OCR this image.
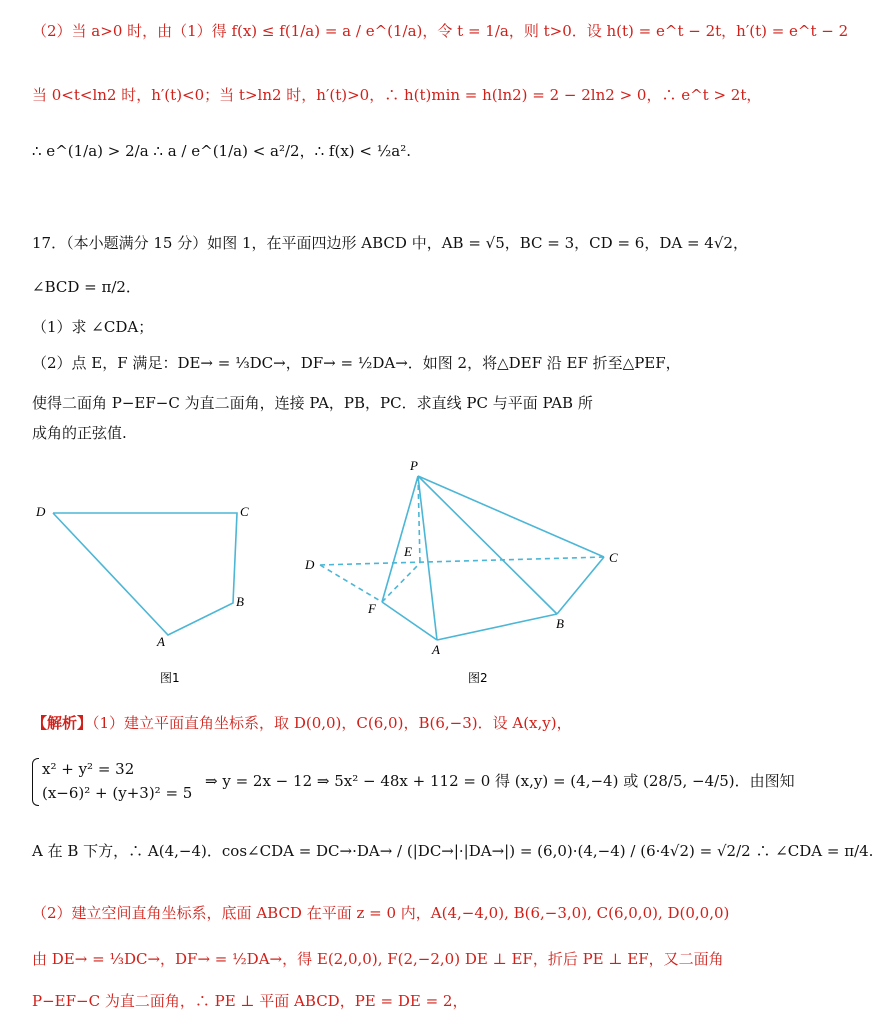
（2）当 a>0 时，由（1）得 f(x) ≤ f(1/a) = a / e^(1/a)，令 t = 1/a，则 t>0．设 h(t) = e^t − 2t，h′(t) = e^t − 2
当 0<t<ln2 时，h′(t)<0；当 t>ln2 时，h′(t)>0，∴ h(t)min = h(ln2) = 2 − 2ln2 > 0，∴ e^t > 2t，
∴ e^(1/a) > 2/a ∴ a / e^(1/a) < a²/2，∴ f(x) < ½a².
17．（本小题满分 15 分）如图 1，在平面四边形 ABCD 中，AB = √5，BC = 3，CD = 6，DA = 4√2，
∠BCD = π/2．
（1）求 ∠CDA；
（2）点 E，F 满足：DE→ = ⅓DC→，DF→ = ½DA→．如图 2，将△DEF 沿 EF 折至△PEF，
使得二面角 P−EF−C 为直二面角，连接 PA，PB，PC．求直线 PC 与平面 PAB 所
成角的正弦值.
D	C
B
A
图1
P
E
D	C
F
B
A
图2
【解析】（1）建立平面直角坐标系，取 D(0,0)，C(6,0)，B(6,−3)．设 A(x,y)，
x² + y² = 32
(x−6)² + (y+3)² = 5
⇒ y = 2x − 12 ⇒ 5x² − 48x + 112 = 0 得 (x,y) = (4,−4) 或 (28/5, −4/5)．由图知
A 在 B 下方，∴ A(4,−4)．cos∠CDA = DC→·DA→ / (|DC→|·|DA→|) = (6,0)·(4,−4) / (6·4√2) = √2/2 ∴ ∠CDA = π/4.
（2）建立空间直角坐标系，底面 ABCD 在平面 z = 0 内，A(4,−4,0), B(6,−3,0), C(6,0,0), D(0,0,0)
由 DE→ = ⅓DC→，DF→ = ½DA→，得 E(2,0,0), F(2,−2,0) DE ⊥ EF，折后 PE ⊥ EF，又二面角
P−EF−C 为直二面角，∴ PE ⊥ 平面 ABCD，PE = DE = 2，
